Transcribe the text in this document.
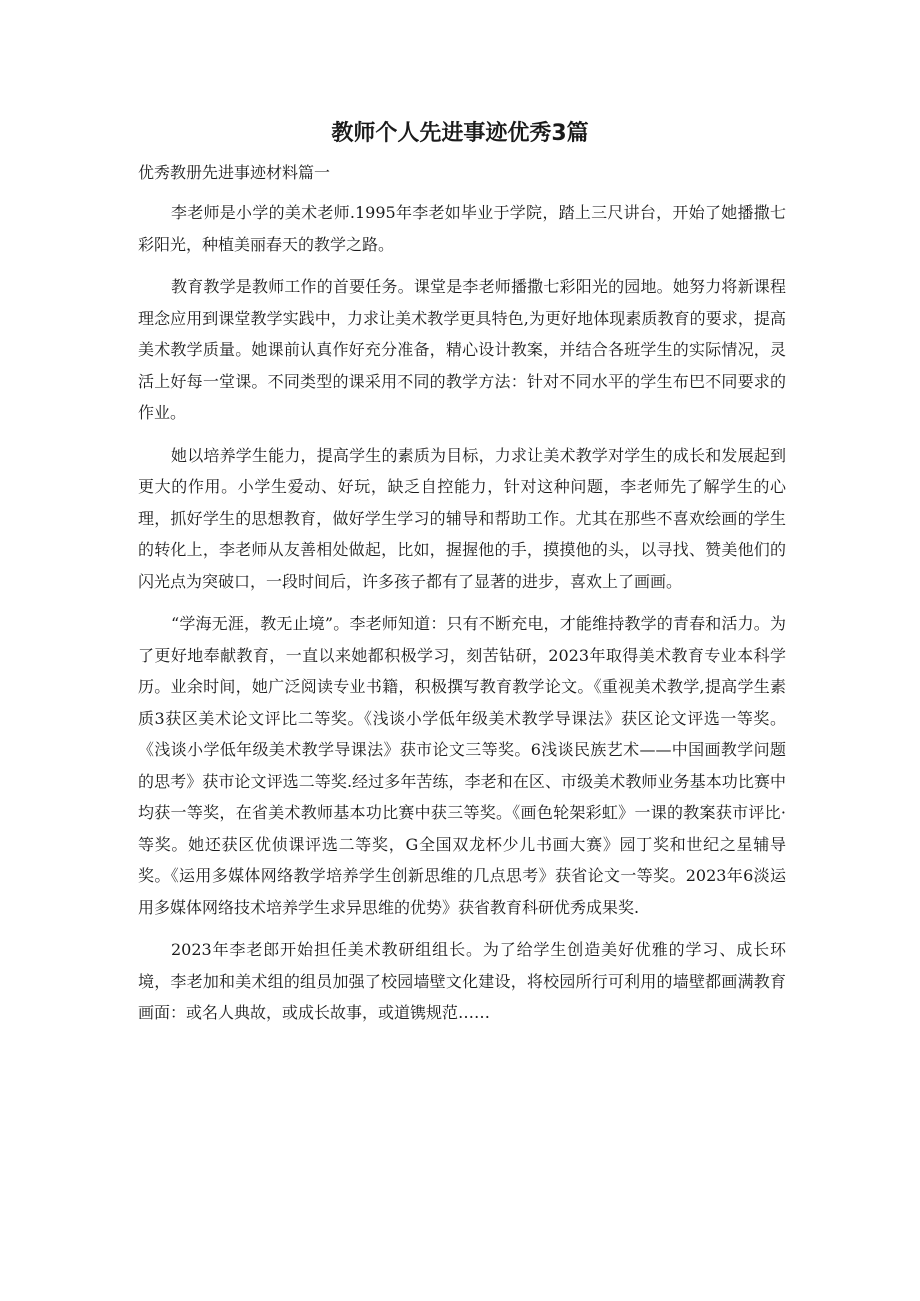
教师个人先进事迹优秀3篇

优秀教册先进事迹材料篇一

李老师是小学的美术老师.1995年李老如毕业于学院，踏上三尺讲台，开始了她播撒七彩阳光，种植美丽春天的教学之路。

教育教学是教师工作的首要任务。课堂是李老师播撒七彩阳光的园地。她努力将新课程理念应用到课堂教学实践中，力求让美术教学更具特色,为更好地体现素质教育的要求，提高美术教学质量。她课前认真作好充分准备，精心设计教案，并结合各班学生的实际情况，灵活上好每一堂课。不同类型的课采用不同的教学方法：针对不同水平的学生布巴不同要求的作业。

她以培养学生能力，提高学生的素质为目标，力求让美术教学对学生的成长和发展起到更大的作用。小学生爱动、好玩，缺乏自控能力，针对这种问题，李老师先了解学生的心理，抓好学生的思想教育，做好学生学习的辅导和帮助工作。尤其在那些不喜欢绘画的学生的转化上，李老师从友善相处做起，比如，握握他的手，摸摸他的头，以寻找、赞美他们的闪光点为突破口，一段时间后，许多孩子都有了显著的进步，喜欢上了画画。

“学海无涯，教无止境”。李老师知道：只有不断充电，才能维持教学的青春和活力。为了更好地奉献教育，一直以来她都积极学习，刻苦钻研，2023年取得美术教育专业本科学历。业余时间，她广泛阅读专业书籍，积极撰写教育教学论文。《重视美术教学,提高学生素质3获区美术论文评比二等奖。《浅谈小学低年级美术教学导课法》获区论文评选一等奖。《浅谈小学低年级美术教学导课法》获市论文三等奖。6浅谈民族艺术——中国画教学问题的思考》获市论文评选二等奖.经过多年苦练，李老和在区、市级美术教师业务基本功比赛中均获一等奖，在省美术教师基本功比赛中获三等奖。《画色轮架彩虹》一课的教案获市评比·等奖。她还获区优侦课评选二等奖，G全国双龙杯少儿书画大赛》园丁奖和世纪之星辅导奖。《运用多媒体网络教学培养学生创新思维的几点思考》获省论文一等奖。2023年6淡运用多媒体网络技术培养学生求异思维的优势》获省教育科研优秀成果奖.

2023年李老郎开始担任美术教研组组长。为了给学生创造美好优雅的学习、成长环境，李老加和美术组的组员加强了校园墙壁文化建设，将校园所行可利用的墙壁都画满教育画面：或名人典故，或成长故事，或道镌规范……
